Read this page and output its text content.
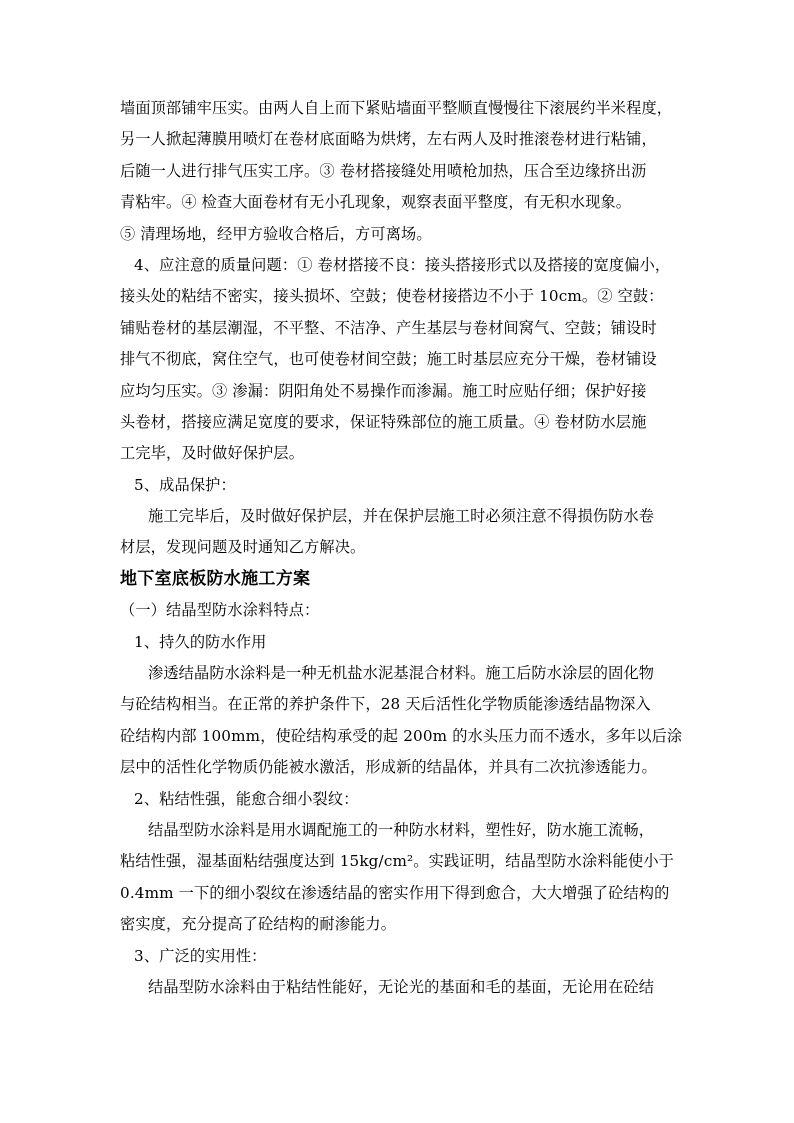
墙面顶部铺牢压实。由两人自上而下紧贴墙面平整顺直慢慢往下滚展约半米程度，
另一人掀起薄膜用喷灯在卷材底面略为烘烤，左右两人及时推滚卷材进行粘铺，
后随一人进行排气压实工序。③ 卷材搭接缝处用喷枪加热，压合至边缘挤出沥
青粘牢。④ 检查大面卷材有无小孔现象，观察表面平整度，有无积水现象。
⑤ 清理场地，经甲方验收合格后，方可离场。
4、应注意的质量问题：① 卷材搭接不良：接头搭接形式以及搭接的宽度偏小，
接头处的粘结不密实，接头损坏、空鼓；使卷材接搭边不小于 10cm。② 空鼓：
铺贴卷材的基层潮湿，不平整、不洁净、产生基层与卷材间窝气、空鼓；铺设时
排气不彻底，窝住空气，也可使卷材间空鼓；施工时基层应充分干燥，卷材铺设
应均匀压实。③ 渗漏：阴阳角处不易操作而渗漏。施工时应贴仔细；保护好接
头卷材，搭接应满足宽度的要求，保证特殊部位的施工质量。④ 卷材防水层施
工完毕，及时做好保护层。
5、成品保护：
施工完毕后，及时做好保护层，并在保护层施工时必须注意不得损伤防水卷
材层，发现问题及时通知乙方解决。
地下室底板防水施工方案
（一）结晶型防水涂料特点：
1、持久的防水作用
渗透结晶防水涂料是一种无机盐水泥基混合材料。施工后防水涂层的固化物
与砼结构相当。在正常的养护条件下，28 天后活性化学物质能渗透结晶物深入
砼结构内部 100mm，使砼结构承受的起 200m 的水头压力而不透水，多年以后涂
层中的活性化学物质仍能被水激活，形成新的结晶体，并具有二次抗渗透能力。
2、粘结性强，能愈合细小裂纹：
结晶型防水涂料是用水调配施工的一种防水材料，塑性好，防水施工流畅，
粘结性强，湿基面粘结强度达到 15kg/cm²。实践证明，结晶型防水涂料能使小于
0.4mm 一下的细小裂纹在渗透结晶的密实作用下得到愈合，大大增强了砼结构的
密实度，充分提高了砼结构的耐渗能力。
3、广泛的实用性：
结晶型防水涂料由于粘结性能好，无论光的基面和毛的基面，无论用在砼结
